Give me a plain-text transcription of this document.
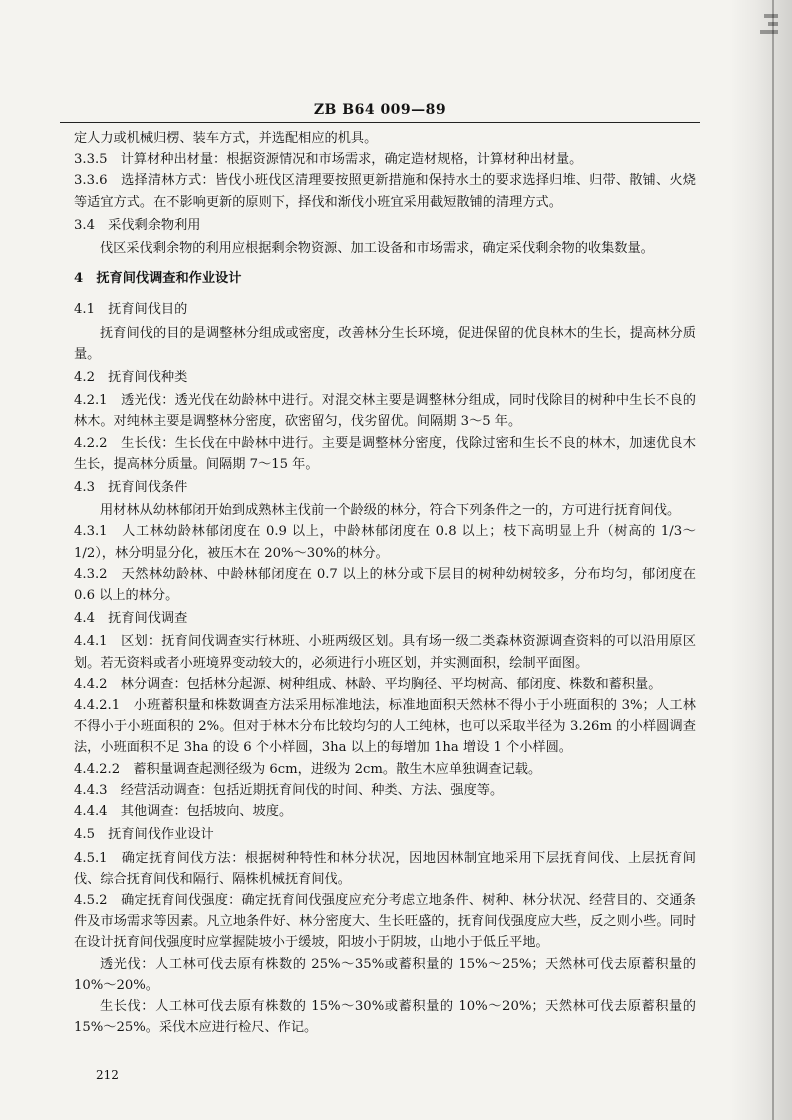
ZB B64 009—89

定人力或机械归楞、装车方式，并选配相应的机具。

3.3.5　计算材种出材量：根据资源情况和市场需求，确定造材规格，计算材种出材量。

3.3.6　选择清林方式：皆伐小班伐区清理要按照更新措施和保持水土的要求选择归堆、归带、散铺、火烧等适宜方式。在不影响更新的原则下，择伐和渐伐小班宜采用截短散铺的清理方式。

3.4　采伐剩余物利用

伐区采伐剩余物的利用应根据剩余物资源、加工设备和市场需求，确定采伐剩余物的收集数量。

4　抚育间伐调查和作业设计

4.1　抚育间伐目的

抚育间伐的目的是调整林分组成或密度，改善林分生长环境，促进保留的优良林木的生长，提高林分质量。

4.2　抚育间伐种类

4.2.1　透光伐：透光伐在幼龄林中进行。对混交林主要是调整林分组成，同时伐除目的树种中生长不良的林木。对纯林主要是调整林分密度，砍密留匀，伐劣留优。间隔期 3～5 年。

4.2.2　生长伐：生长伐在中龄林中进行。主要是调整林分密度，伐除过密和生长不良的林木，加速优良木生长，提高林分质量。间隔期 7～15 年。

4.3　抚育间伐条件

用材林从幼林郁闭开始到成熟林主伐前一个龄级的林分，符合下列条件之一的，方可进行抚育间伐。

4.3.1　人工林幼龄林郁闭度在 0.9 以上，中龄林郁闭度在 0.8 以上；枝下高明显上升（树高的 1/3～1/2），林分明显分化，被压木在 20%～30%的林分。

4.3.2　天然林幼龄林、中龄林郁闭度在 0.7 以上的林分或下层目的树种幼树较多，分布均匀，郁闭度在 0.6 以上的林分。

4.4　抚育间伐调查

4.4.1　区划：抚育间伐调查实行林班、小班两级区划。具有场一级二类森林资源调查资料的可以沿用原区划。若无资料或者小班境界变动较大的，必须进行小班区划，并实测面积，绘制平面图。

4.4.2　林分调查：包括林分起源、树种组成、林龄、平均胸径、平均树高、郁闭度、株数和蓄积量。

4.4.2.1　小班蓄积量和株数调查方法采用标准地法，标准地面积天然林不得小于小班面积的 3%；人工林不得小于小班面积的 2%。但对于林木分布比较均匀的人工纯林，也可以采取半径为 3.26m 的小样圆调查法，小班面积不足 3ha 的设 6 个小样圆，3ha 以上的每增加 1ha 增设 1 个小样圆。

4.4.2.2　蓄积量调查起测径级为 6cm，进级为 2cm。散生木应单独调查记载。

4.4.3　经营活动调查：包括近期抚育间伐的时间、种类、方法、强度等。

4.4.4　其他调查：包括坡向、坡度。

4.5　抚育间伐作业设计

4.5.1　确定抚育间伐方法：根据树种特性和林分状况，因地因林制宜地采用下层抚育间伐、上层抚育间伐、综合抚育间伐和隔行、隔株机械抚育间伐。

4.5.2　确定抚育间伐强度：确定抚育间伐强度应充分考虑立地条件、树种、林分状况、经营目的、交通条件及市场需求等因素。凡立地条件好、林分密度大、生长旺盛的，抚育间伐强度应大些，反之则小些。同时在设计抚育间伐强度时应掌握陡坡小于缓坡，阳坡小于阴坡，山地小于低丘平地。

透光伐：人工林可伐去原有株数的 25%～35%或蓄积量的 15%～25%；天然林可伐去原蓄积量的 10%～20%。

生长伐：人工林可伐去原有株数的 15%～30%或蓄积量的 10%～20%；天然林可伐去原蓄积量的 15%～25%。采伐木应进行检尺、作记。

212
